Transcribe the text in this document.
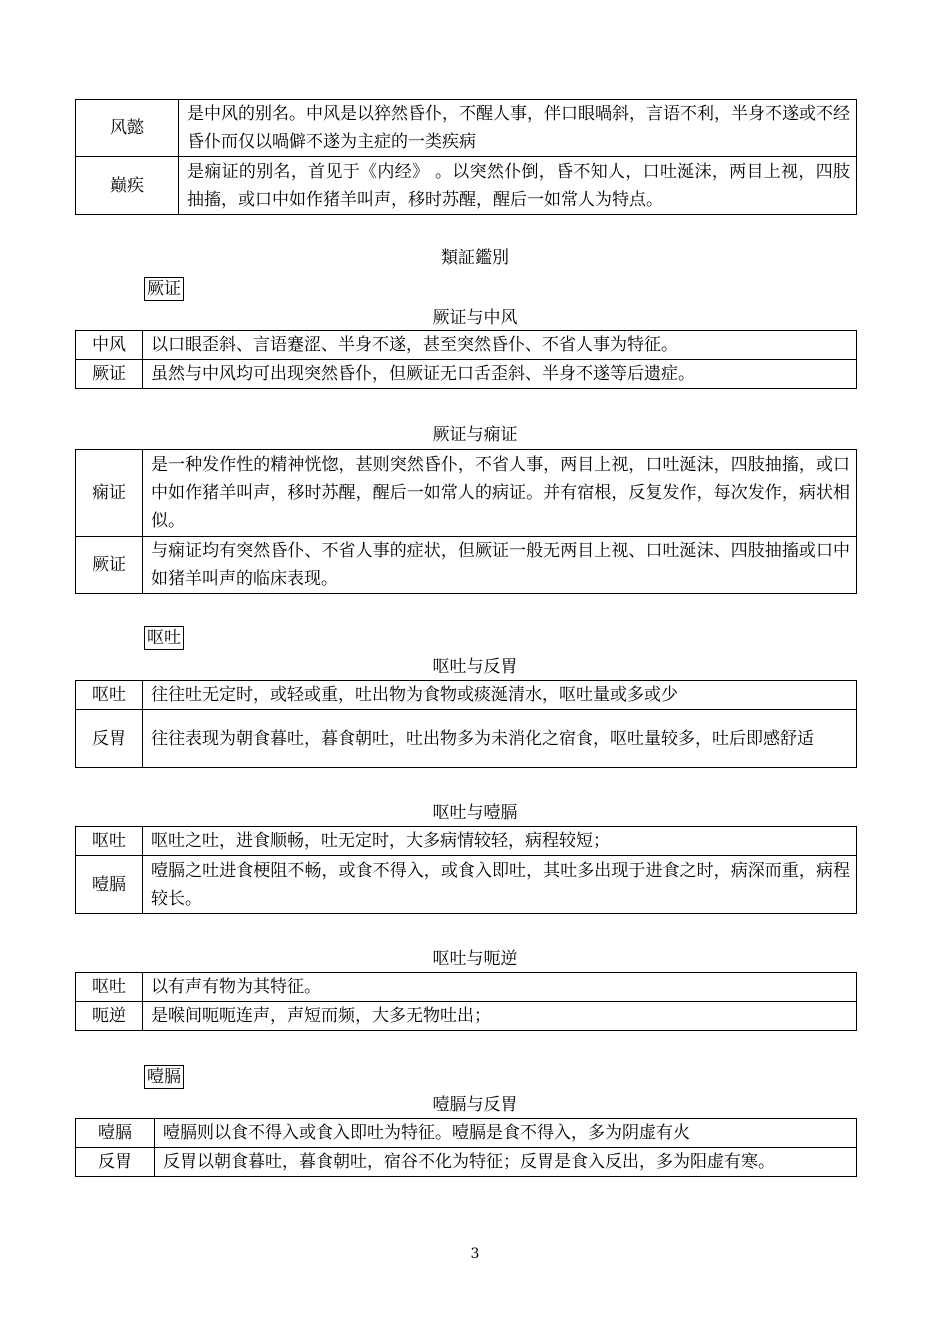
风懿	是中风的别名。中风是以猝然昏仆，不醒人事，伴口眼喎斜，言语不利，半身不遂或不经昏仆而仅以喎僻不遂为主症的一类疾病
巅疾	是痫证的别名，首见于《内经》 。以突然仆倒，昏不知人，口吐涎沫，两目上视，四肢抽搐，或口中如作猪羊叫声，移时苏醒，醒后一如常人为特点。
類証鑑別
厥证
厥证与中风
中风	以口眼歪斜、言语蹇涩、半身不遂，甚至突然昏仆、不省人事为特征。
厥证	虽然与中风均可出现突然昏仆，但厥证无口舌歪斜、半身不遂等后遗症。
厥证与痫证
痫证	是一种发作性的精神恍惚，甚则突然昏仆，不省人事，两目上视，口吐涎沫，四肢抽搐，或口中如作猪羊叫声，移时苏醒，醒后一如常人的病证。并有宿根，反复发作，每次发作，病状相似。
厥证	与痫证均有突然昏仆、不省人事的症状，但厥证一般无两目上视、口吐涎沫、四肢抽搐或口中如猪羊叫声的临床表现。
呕吐
呕吐与反胃
呕吐	往往吐无定时，或轻或重，吐出物为食物或痰涎清水，呕吐量或多或少
反胃	往往表现为朝食暮吐，暮食朝吐，吐出物多为未消化之宿食，呕吐量较多，吐后即感舒适
呕吐与噎膈
呕吐	呕吐之吐，进食顺畅，吐无定时，大多病情较轻，病程较短；
噎膈	噎膈之吐进食梗阻不畅，或食不得入，或食入即吐，其吐多出现于进食之时，病深而重，病程较长。
呕吐与呃逆
呕吐	以有声有物为其特征。
呃逆	是喉间呃呃连声，声短而频，大多无物吐出；
噎膈
噎膈与反胃
噎膈	噎膈则以食不得入或食入即吐为特征。噎膈是食不得入，多为阴虚有火
反胃	反胃以朝食暮吐，暮食朝吐，宿谷不化为特征；反胃是食入反出，多为阳虚有寒。
3
